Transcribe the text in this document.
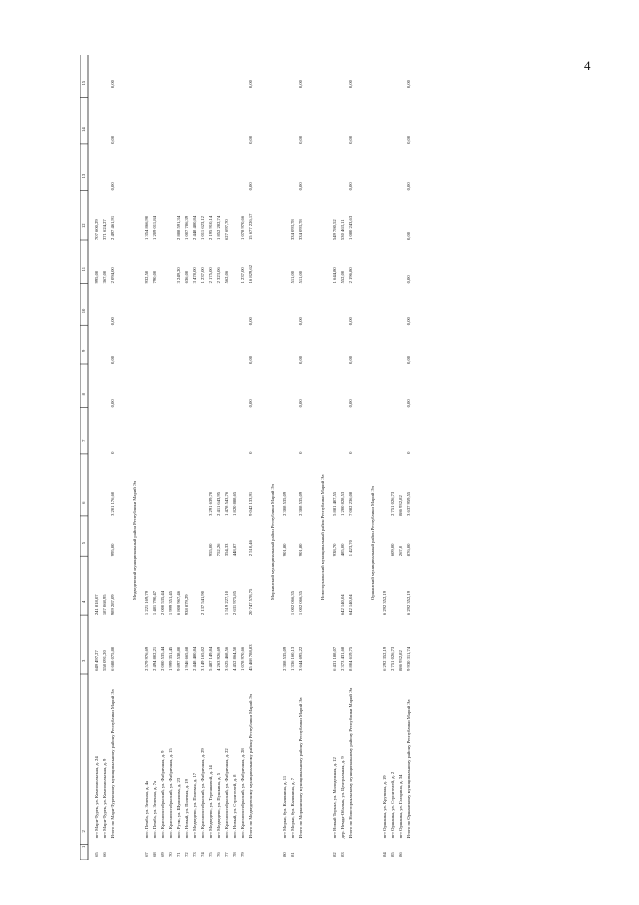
4
1
2
3
4
5
6
7
8
9
10
11
12
13
14
15
65
пгт Мари-Турек, ул. Комсомольская, д. 24
649 497,27
241 818,07
995,00
707 600,29
66
пгт Мари-Турек, ул. Комсомольская, д. 9
558 091,20
187 068,95
367,00
371 624,27
Итого по Мари-Турекскому муниципальному району Республики Марий Эл
6 688 075,80
989 287,09
995,00
3 201 176,60
0
0,00
0,00
0,00
2 094,00
2 497 461,91
0,00
0,00
0,00
Медведевский муниципальный район Республики Марий Эл
67
пос. Пемба, ул. Зеленая, д. 4а
2 579 976,69
1 221 169,79
932,50
1 354 866,90
68
пос. Пемба, ул. Зеленая, д. 7а
2 494 802,21
1 481 790,47
790,00
1 209 011,84
69
пос. Краснооктябрьский, ул. Фабричная, д. 9
2 000 535,44
2 000 535,44
70
пос. Краснооктябрьский, ул. Фабричная, д. 15
1 999 351,45
1 999 351,45
71
пос. Руэм, ул. Шумилова, д. 23
9 897 538,80
6 808 967,46
3 249,20
2 888 591,34
72
пос. Новый, ул. Полевая, д. 19
1 946 665,68
938 879,29
636,00
1 007 786,39
73
пгт Медведево, ул. Полевая, д. 17
2 448 480,84
3 478,00
2 448 480,84
74
пос. Краснооктябрьский, ул. Фабричная, д. 29
3 149 165,02
2 137 541,90
1 237,00
1 011 623,12
75
пгт Медведево, ул. Терешковой, д. 14
5 487 149,84
955,00
3 291 639,70
2 175,00
2 195 910,14
76
пгт Медведево, ул. Пушкина, д. 5
4 263 926,69
752,26
2 411 643,95
2 323,06
1 852 282,74
77
пос. Краснооктябрьский, ул. Фабричная, д. 22
3 625 468,56
1 519 227,10
354,33
1 478 543,76
562,06
627 697,70
78
пос. Новый, ул. Строителей, д. 8
4 452 864,50
2 631 975,85
448,87
1 820 888,65
79
пос. Краснооктябрьский, ул. Фабричная, д. 28
1 078 970,66
1 237,00
1 078 970,66
Итого по Медведевскому муниципальному району Республики Марий Эл
45 468 788,83
20 747 578,75
2 510,46
9 042 133,91
0
0,00
0,00
0,00
16 829,62
15 677 226,17
0,00
0,00
0,00
Моркинский муниципальный район Республики Марий Эл
80
пгт Морки, бул. Калинина, д. 11
2 308 535,09
901,80
2 308 535,09
81
пгт Морки, бул. Калинина, д. 7
1 336 160,13
1 002 066,35
511,00
334 093,78
Итого по Моркинскому муниципальному району Республики Марий Эл
3 644 695,22
1 002 066,35
901,80
2 308 535,09
0
0,00
0,00
0,00
511,00
334 093,78
0,00
0,00
0,00
Новоторъяльский муниципальный район Республики Марий Эл
82
пгт Новый Торъял, ул. Молодежная, д. 12
6 431 188,07
938,70
5 881 407,55
1 644,80
549 780,52
83
дер. Немда-Обалык, ул. Центральная, д. 9
2 373 431,68
642 140,04
485,00
1 200 828,53
552,00
530 463,11
Итого по Новоторъяльскому муниципальному району Республики Марий Эл
8 804 619,75
642 140,04
1 423,70
7 082 236,08
0
0,00
0,00
0,00
2 196,80
1 080 243,63
0,00
0,00
0,00
Оршанский муниципальный район Республики Марий Эл
84
пгт Оршанка, ул. Крупина, д. 19
6 292 352,19
6 292 352,19
85
пгт Оршанка, ул. Строителей, д. 2
2 751 026,73
609,00
2 751 026,73
86
пгт Оршанка, ул. Гагарина, д. 34
886 932,82
267,0
886 932,82
Итого по Оршанскому муниципальному району Республики Марий Эл
9 930 311,74
6 292 352,19
876,00
3 637 959,55
0
0,00
0,00
0,00
0,00
0,00
0,00
0,00
0,00
